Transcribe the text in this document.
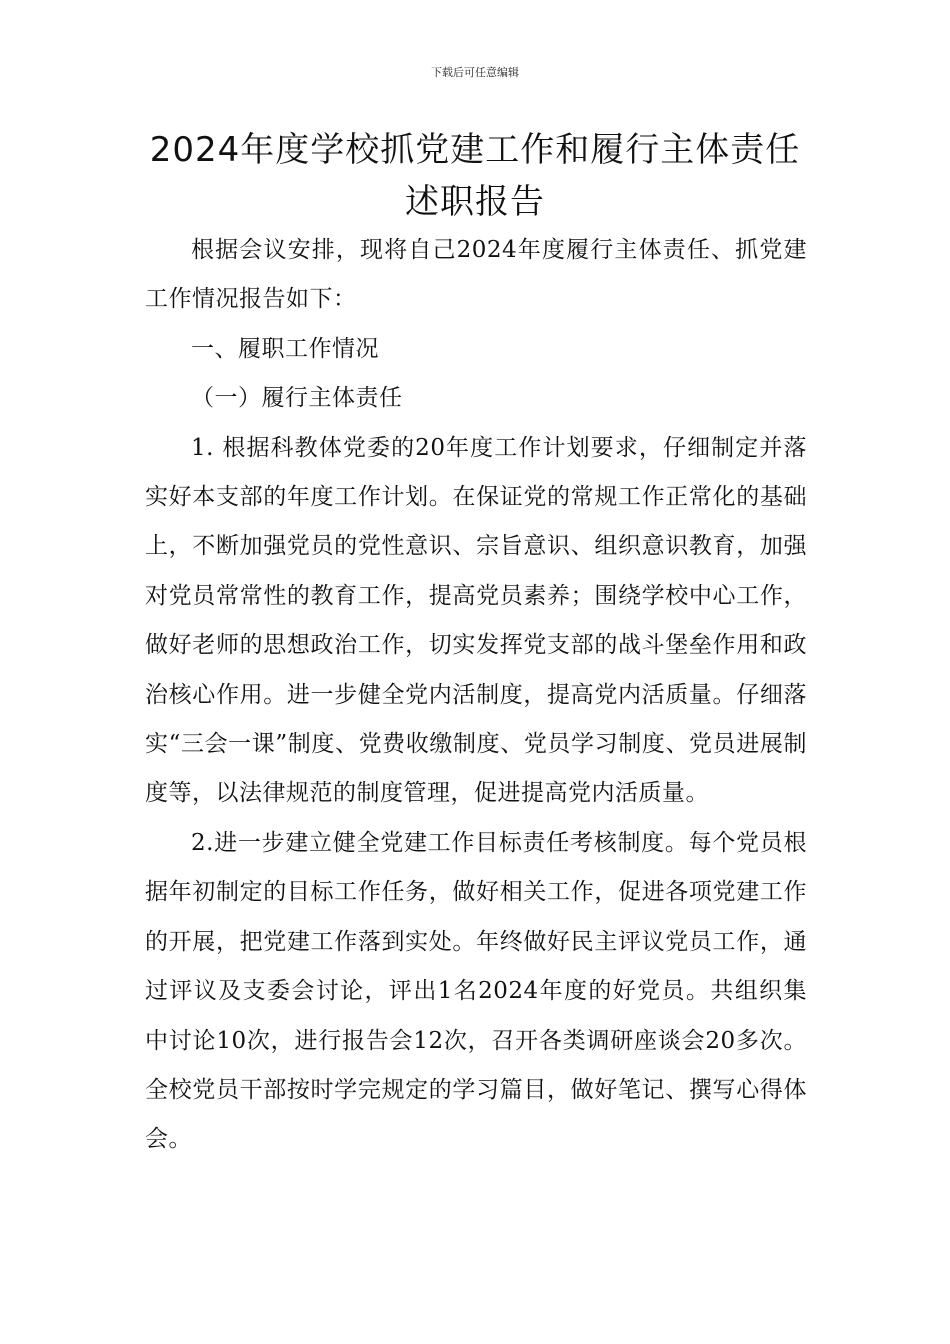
下载后可任意编辑
2024年度学校抓党建工作和履行主体责任
述职报告

根据会议安排，现将自己2024年度履行主体责任、抓党建工作情况报告如下：

一、履职工作情况

（一）履行主体责任

1. 根据科教体党委的20年度工作计划要求，仔细制定并落实好本支部的年度工作计划。在保证党的常规工作正常化的基础上，不断加强党员的党性意识、宗旨意识、组织意识教育，加强对党员常常性的教育工作，提高党员素养；围绕学校中心工作，做好老师的思想政治工作，切实发挥党支部的战斗堡垒作用和政治核心作用。进一步健全党内活制度，提高党内活质量。仔细落实“三会一课”制度、党费收缴制度、党员学习制度、党员进展制度等，以法律规范的制度管理，促进提高党内活质量。

2.进一步建立健全党建工作目标责任考核制度。每个党员根据年初制定的目标工作任务，做好相关工作，促进各项党建工作的开展，把党建工作落到实处。年终做好民主评议党员工作，通过评议及支委会讨论，评出1名2024年度的好党员。共组织集中讨论10次，进行报告会12次，召开各类调研座谈会20多次。全校党员干部按时学完规定的学习篇目，做好笔记、撰写心得体会。
